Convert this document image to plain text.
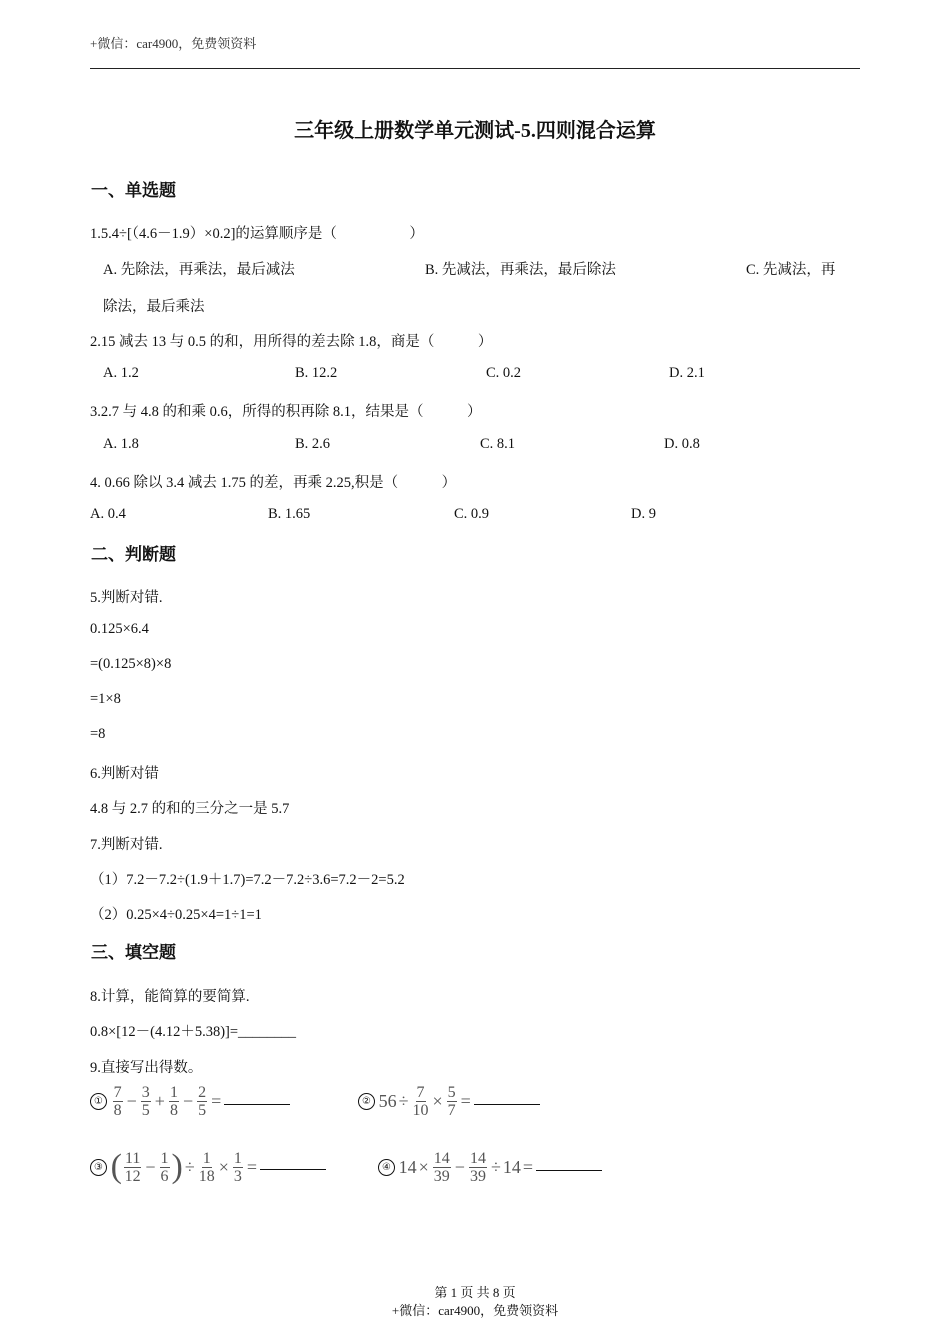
+微信：car4900，免费领资料
三年级上册数学单元测试-5.四则混合运算
一、单选题
1.5.4÷[（4.6－1.9）×0.2]的运算顺序是（　　　　　）
A. 先除法，再乘法，最后减法	B. 先减法，再乘法，最后除法	C. 先减法，再
除法，最后乘法
2.15 减去 13 与 0.5 的和，用所得的差去除 1.8，商是（　　　）
A. 1.2	B. 12.2	C. 0.2	D. 2.1
3.2.7 与 4.8 的和乘 0.6，所得的积再除 8.1，结果是（　　　）
A. 1.8	B. 2.6	C. 8.1	D. 0.8
4. 0.66 除以 3.4 减去 1.75 的差，再乘 2.25,积是（　　　）
A. 0.4	B. 1.65	C. 0.9	D. 9
二、判断题
5.判断对错.
0.125×6.4
=(0.125×8)×8
=1×8
=8
6.判断对错
4.8 与 2.7 的和的三分之一是 5.7
7.判断对错.
（1）7.2－7.2÷(1.9＋1.7)=7.2－7.2÷3.6=7.2－2=5.2
（2）0.25×4÷0.25×4=1÷1=1
三、填空题
8.计算，能简算的要简算.
0.8×[12－(4.12＋5.38)]=________
9.直接写出得数。
① $\frac{7}{8} - \frac{3}{5} + \frac{1}{8} - \frac{2}{5}$ =	② $56 \div \frac{7}{10} \times \frac{5}{7}$ =
③ ( $\frac{11}{12} - \frac{1}{6}$ ) ÷ $\frac{1}{18} \times \frac{1}{3}$ =	④ $14 \times \frac{14}{39} - \frac{14}{39} \div 14$ =
第 1 页 共 8 页
+微信：car4900，免费领资料
